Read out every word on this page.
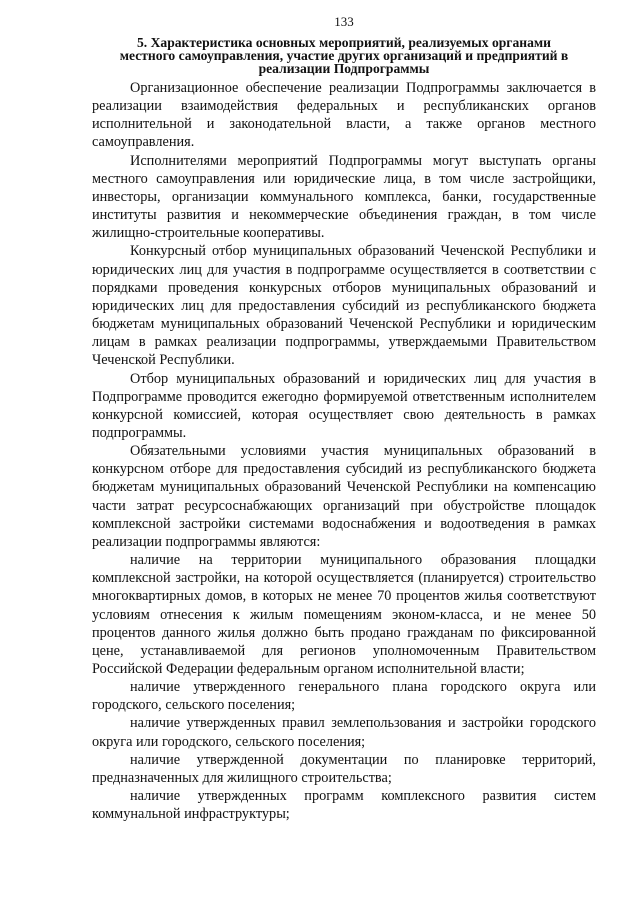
133
5. Характеристика основных мероприятий, реализуемых органами
местного самоуправления, участие других организаций и предприятий в
реализации Подпрограммы

Организационное обеспечение реализации Подпрограммы заключается в реализации взаимодействия федеральных и республиканских органов исполнительной и законодательной власти, а также органов местного самоуправления.

Исполнителями мероприятий Подпрограммы могут выступать органы местного самоуправления или юридические лица, в том числе застройщики, инвесторы, организации коммунального комплекса, банки, государственные институты развития и некоммерческие объединения граждан, в том числе жилищно-строительные кооперативы.

Конкурсный отбор муниципальных образований Чеченской Республики и юридических лиц для участия в подпрограмме осуществляется в соответствии с порядками проведения конкурсных отборов муниципальных образований и юридических лиц для предоставления субсидий из республиканского бюджета бюджетам муниципальных образований Чеченской Республики и юридическим лицам в рамках реализации подпрограммы, утверждаемыми Правительством Чеченской Республики.

Отбор муниципальных образований и юридических лиц для участия в Подпрограмме проводится ежегодно формируемой ответственным исполнителем конкурсной комиссией, которая осуществляет свою деятельность в рамках подпрограммы.

Обязательными условиями участия муниципальных образований в конкурсном отборе для предоставления субсидий из республиканского бюджета бюджетам муниципальных образований Чеченской Республики на компенсацию части затрат ресурсоснабжающих организаций при обустройстве площадок комплексной застройки системами водоснабжения и водоотведения в рамках реализации подпрограммы являются:

наличие на территории муниципального образования площадки комплексной застройки, на которой осуществляется (планируется) строительство многоквартирных домов, в которых не менее 70 процентов жилья соответствуют условиям отнесения к жилым помещениям эконом-класса, и не менее 50 процентов данного жилья должно быть продано гражданам по фиксированной цене, устанавливаемой для регионов уполномоченным Правительством Российской Федерации федеральным органом исполнительной власти;

наличие утвержденного генерального плана городского округа или городского, сельского поселения;

наличие утвержденных правил землепользования и застройки городского округа или городского, сельского поселения;

наличие утвержденной документации по планировке территорий, предназначенных для жилищного строительства;

наличие утвержденных программ комплексного развития систем коммунальной инфраструктуры;
